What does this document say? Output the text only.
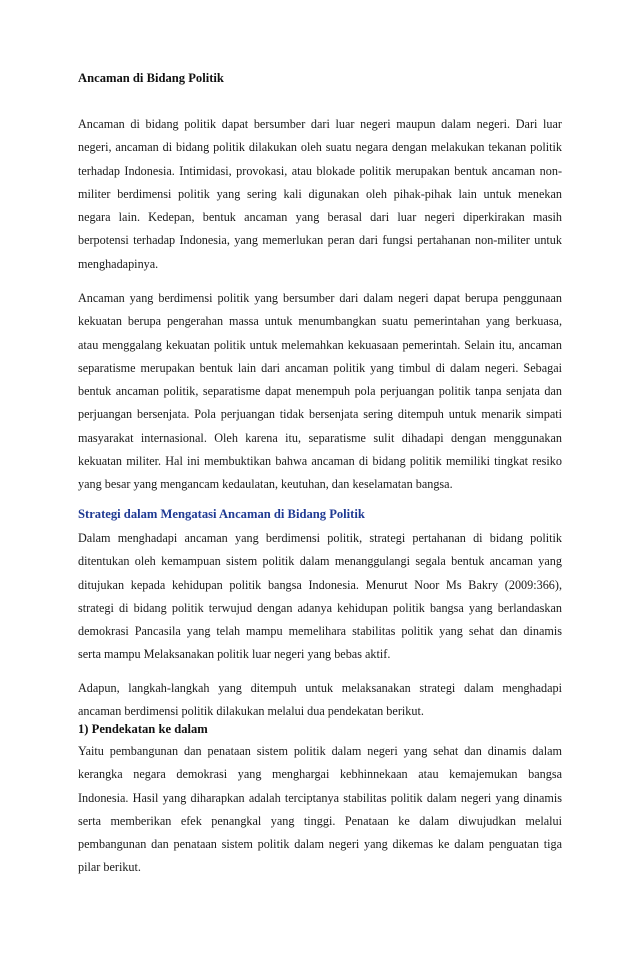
Ancaman di Bidang Politik
Ancaman di bidang politik dapat bersumber dari luar negeri maupun dalam negeri. Dari luar
negeri, ancaman di bidang politik dilakukan oleh suatu negara dengan melakukan tekanan politik
terhadap Indonesia. Intimidasi, provokasi, atau blokade politik merupakan bentuk ancaman non-
militer berdimensi politik yang sering kali digunakan oleh pihak-pihak lain untuk menekan
negara lain. Kedepan, bentuk ancaman yang berasal dari luar negeri diperkirakan masih
berpotensi terhadap Indonesia, yang memerlukan peran dari fungsi pertahanan non-militer untuk
menghadapinya.
Ancaman yang berdimensi politik yang bersumber dari dalam negeri dapat berupa penggunaan
kekuatan berupa pengerahan massa untuk menumbangkan suatu pemerintahan yang berkuasa,
atau menggalang kekuatan politik untuk melemahkan kekuasaan pemerintah. Selain itu, ancaman
separatisme merupakan bentuk lain dari ancaman politik yang timbul di dalam negeri. Sebagai
bentuk ancaman politik, separatisme dapat menempuh pola perjuangan politik tanpa senjata dan
perjuangan bersenjata. Pola perjuangan tidak bersenjata sering ditempuh untuk menarik simpati
masyarakat internasional. Oleh karena itu, separatisme sulit dihadapi dengan menggunakan
kekuatan militer. Hal ini membuktikan bahwa ancaman di bidang politik memiliki tingkat resiko
yang besar yang mengancam kedaulatan, keutuhan, dan keselamatan bangsa.
Strategi dalam Mengatasi Ancaman di Bidang Politik
Dalam menghadapi ancaman yang berdimensi politik, strategi pertahanan di bidang politik
ditentukan oleh kemampuan sistem politik dalam menanggulangi segala bentuk ancaman yang
ditujukan kepada kehidupan politik bangsa Indonesia. Menurut Noor Ms Bakry (2009:366),
strategi di bidang politik terwujud dengan adanya kehidupan politik bangsa yang berlandaskan
demokrasi Pancasila yang telah mampu memelihara stabilitas politik yang sehat dan dinamis
serta mampu Melaksanakan politik luar negeri yang bebas aktif.
Adapun, langkah-langkah yang ditempuh untuk melaksanakan strategi dalam menghadapi
ancaman berdimensi politik dilakukan melalui dua pendekatan berikut.
1) Pendekatan ke dalam
Yaitu pembangunan dan penataan sistem politik dalam negeri yang sehat dan dinamis dalam
kerangka negara demokrasi yang menghargai kebhinnekaan atau kemajemukan bangsa
Indonesia. Hasil yang diharapkan adalah terciptanya stabilitas politik dalam negeri yang dinamis
serta memberikan efek penangkal yang tinggi. Penataan ke dalam diwujudkan melalui
pembangunan dan penataan sistem politik dalam negeri yang dikemas ke dalam penguatan tiga
pilar berikut.
